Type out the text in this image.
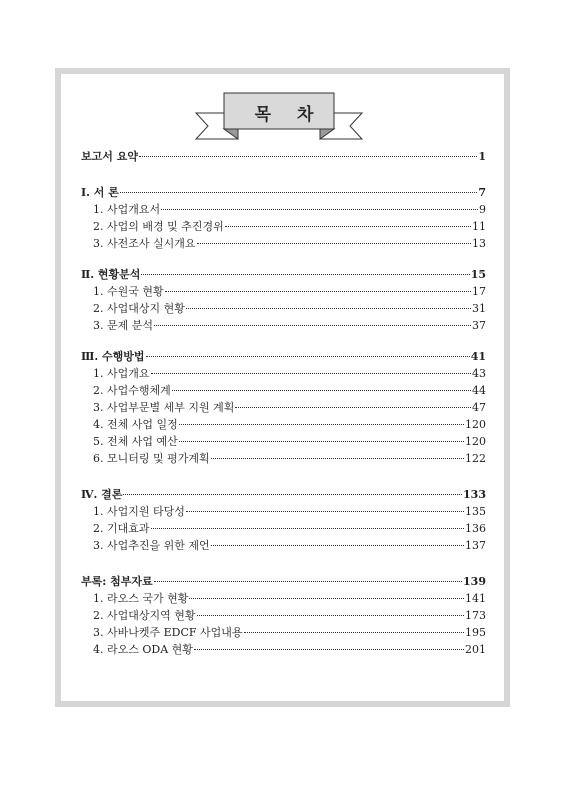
목 차
보고서 요약	1
Ⅰ. 서 론	7
1. 사업개요서	9
2. 사업의 배경 및 추진경위	11
3. 사전조사 실시개요	13
Ⅱ. 현황분석	15
1. 수원국 현황	17
2. 사업대상지 현황	31
3. 문제 분석	37
Ⅲ. 수행방법	41
1. 사업개요	43
2. 사업수행체계	44
3. 사업부문별 세부 지원 계획	47
4. 전체 사업 일정	120
5. 전체 사업 예산	120
6. 모니터링 및 평가계획	122
Ⅳ. 결론	133
1. 사업지원 타당성	135
2. 기대효과	136
3. 사업추진을 위한 제언	137
부록: 첨부자료	139
1. 라오스 국가 현황	141
2. 사업대상지역 현황	173
3. 사바나켓주 EDCF 사업내용	195
4. 라오스 ODA 현황	201
